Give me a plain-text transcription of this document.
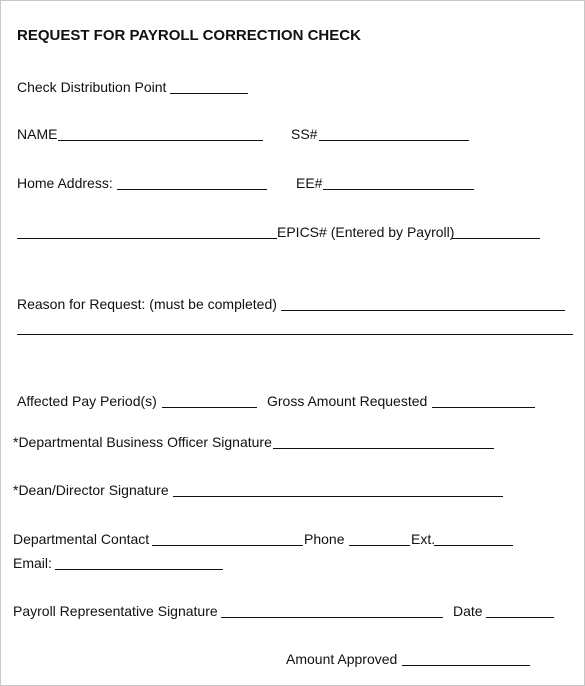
REQUEST FOR PAYROLL CORRECTION CHECK
Check Distribution Point
NAME	SS#
Home Address:	EE#
EPICS# (Entered by Payroll)
Reason for Request: (must be completed)
Affected Pay Period(s)	Gross Amount Requested
*Departmental Business Officer Signature
*Dean/Director Signature
Departmental Contact	Phone	Ext.
Email:
Payroll Representative Signature	Date
Amount Approved
